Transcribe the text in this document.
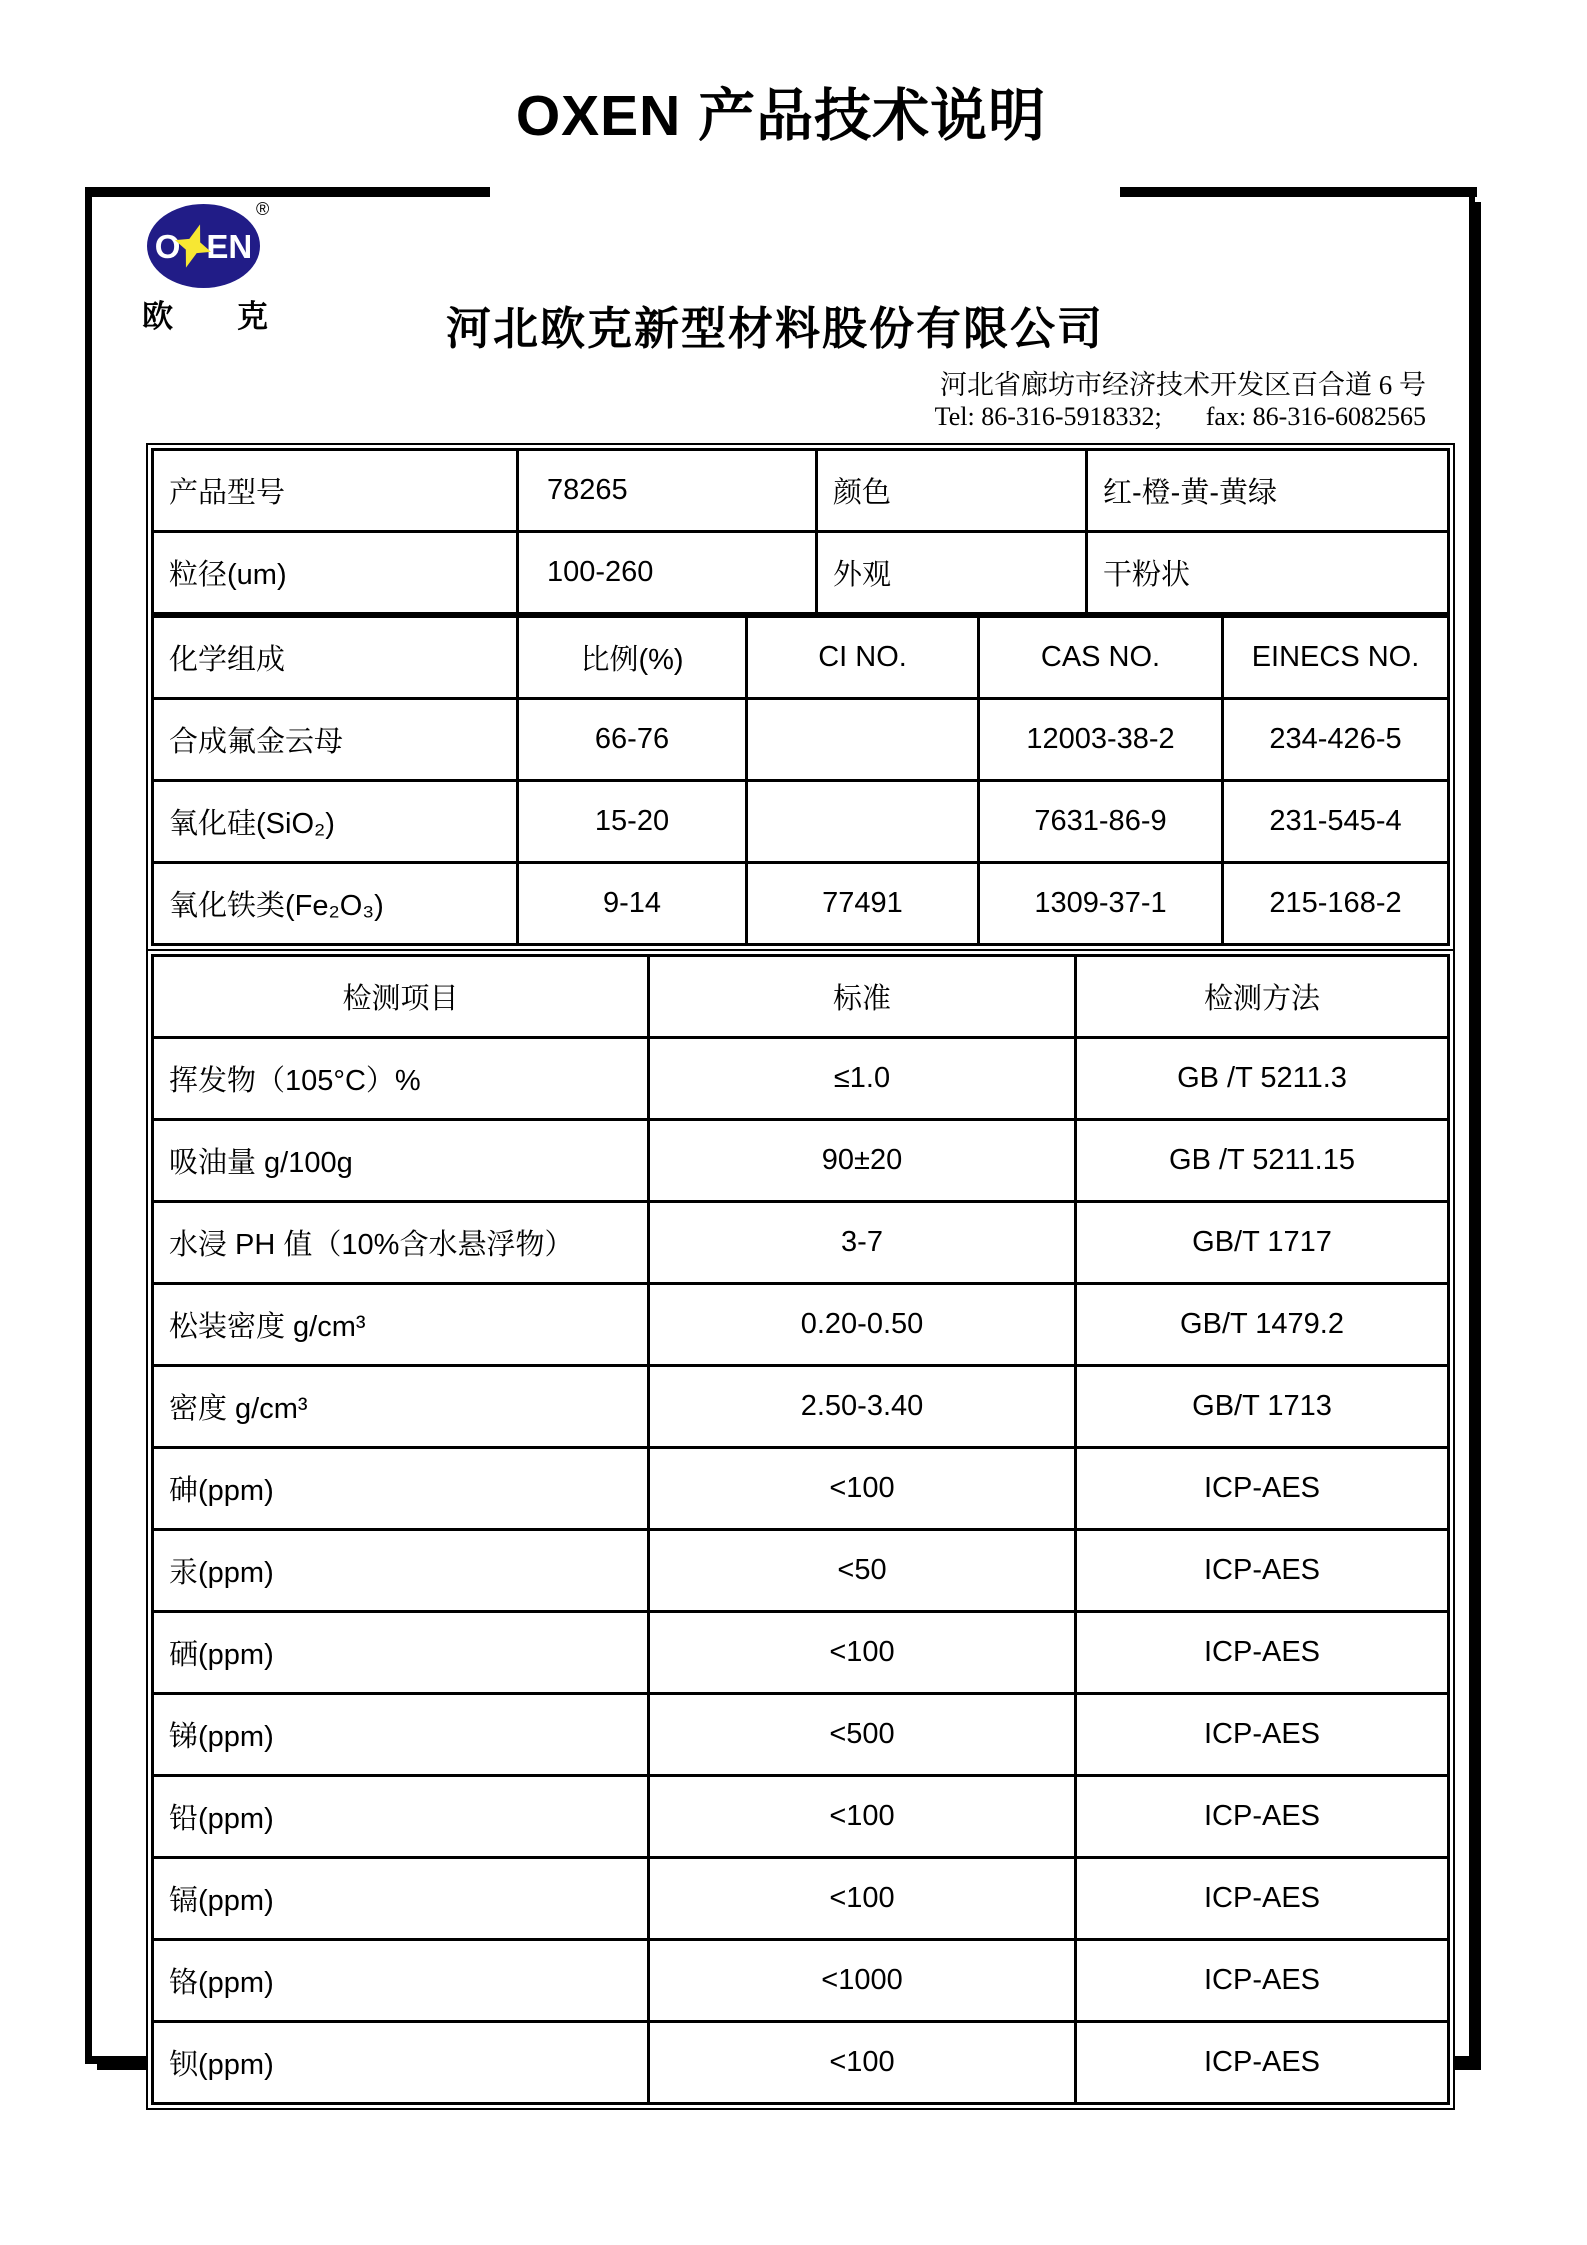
OXEN 产品技术说明
O EN
®
欧 克	河北欧克新型材料股份有限公司
河北省廊坊市经济技术开发区百合道 6 号
Tel: 86-316-5918332; fax: 86-316-6082565
产品型号	78265	颜色	红-橙-黄-黄绿
粒径(um)	100-260	外观	干粉状
化学组成	比例(%)	CI NO.	CAS NO.	EINECS NO.
合成氟金云母	66-76		12003-38-2	234-426-5
氧化硅(SiO₂)	15-20		7631-86-9	231-545-4
氧化铁类(Fe₂O₃)	9-14	77491	1309-37-1	215-168-2
检测项目	标准	检测方法
挥发物（105°C）%	≤1.0	GB /T 5211.3
吸油量 g/100g	90±20	GB /T 5211.15
水浸 PH 值（10%含水悬浮物）	3-7	GB/T 1717
松装密度 g/cm³	0.20-0.50	GB/T 1479.2
密度 g/cm³	2.50-3.40	GB/T 1713
砷(ppm)	<100	ICP-AES
汞(ppm)	<50	ICP-AES
硒(ppm)	<100	ICP-AES
锑(ppm)	<500	ICP-AES
铅(ppm)	<100	ICP-AES
镉(ppm)	<100	ICP-AES
铬(ppm)	<1000	ICP-AES
钡(ppm)	<100	ICP-AES
